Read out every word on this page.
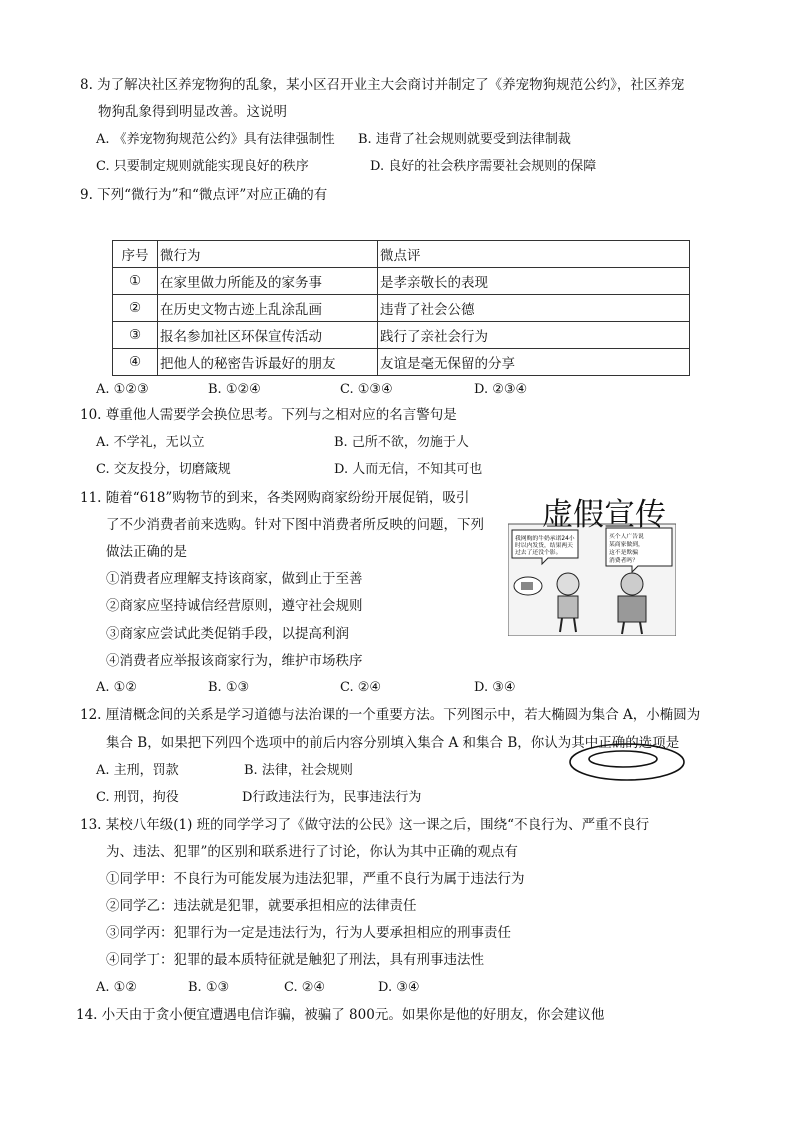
8. 为了解决社区养宠物狗的乱象，某小区召开业主大会商讨并制定了《养宠物狗规范公约》，社区养宠
物狗乱象得到明显改善。这说明
A. 《养宠物狗规范公约》具有法律强制性 B. 违背了社会规则就要受到法律制裁
C. 只要制定规则就能实现良好的秩序	D. 良好的社会秩序需要社会规则的保障
9. 下列“微行为”和“微点评”对应正确的有
序号	微行为	微点评
①	在家里做力所能及的家务事	是孝亲敬长的表现
②	在历史文物古迹上乱涂乱画	违背了社会公德
③	报名参加社区环保宣传活动	践行了亲社会行为
④	把他人的秘密告诉最好的朋友	友谊是毫无保留的分享
A. ①②③	B. ①②④	C. ①③④	D. ②③④
10. 尊重他人需要学会换位思考。下列与之相对应的名言警句是
A. 不学礼，无以立	B. 己所不欲，勿施于人
C. 交友投分，切磨箴规	D. 人而无信，不知其可也
11. 随着“618”购物节的到来，各类网购商家纷纷开展促销，吸引
了不少消费者前来选购。针对下图中消费者所反映的问题，下列
做法正确的是
①消费者应理解支持该商家，做到止于至善
②商家应坚持诚信经营原则，遵守社会规则
③商家应尝试此类促销手段，以提高利润
④消费者应举报该商家行为，维护市场秩序
我网购的牛奶承诺24小
时以内发货，结果两天
过去了还没个影。
买个人广告说
某商家做到，
这不是欺骗
消费者吗？
虚假宣传
A. ①②	B. ①③	C. ②④	D. ③④
12. 厘清概念间的关系是学习道德与法治课的一个重要方法。下列图示中，若大椭圆为集合 A，小椭圆为
集合 B，如果把下列四个选项中的前后内容分别填入集合 A 和集合 B，你认为其中正确的选项是
A. 主刑，罚款	B. 法律，社会规则
C. 刑罚，拘役	D行政违法行为，民事违法行为
13. 某校八年级(1) 班的同学学习了《做守法的公民》这一课之后，围绕“不良行为、严重不良行
为、违法、犯罪”的区别和联系进行了讨论，你认为其中正确的观点有
①同学甲：不良行为可能发展为违法犯罪，严重不良行为属于违法行为
②同学乙：违法就是犯罪，就要承担相应的法律责任
③同学丙：犯罪行为一定是违法行为，行为人要承担相应的刑事责任
④同学丁：犯罪的最本质特征就是触犯了刑法，具有刑事违法性
A. ①②	B. ①③	C. ②④	D. ③④
14. 小天由于贪小便宜遭遇电信诈骗，被骗了 800元。如果你是他的好朋友，你会建议他
